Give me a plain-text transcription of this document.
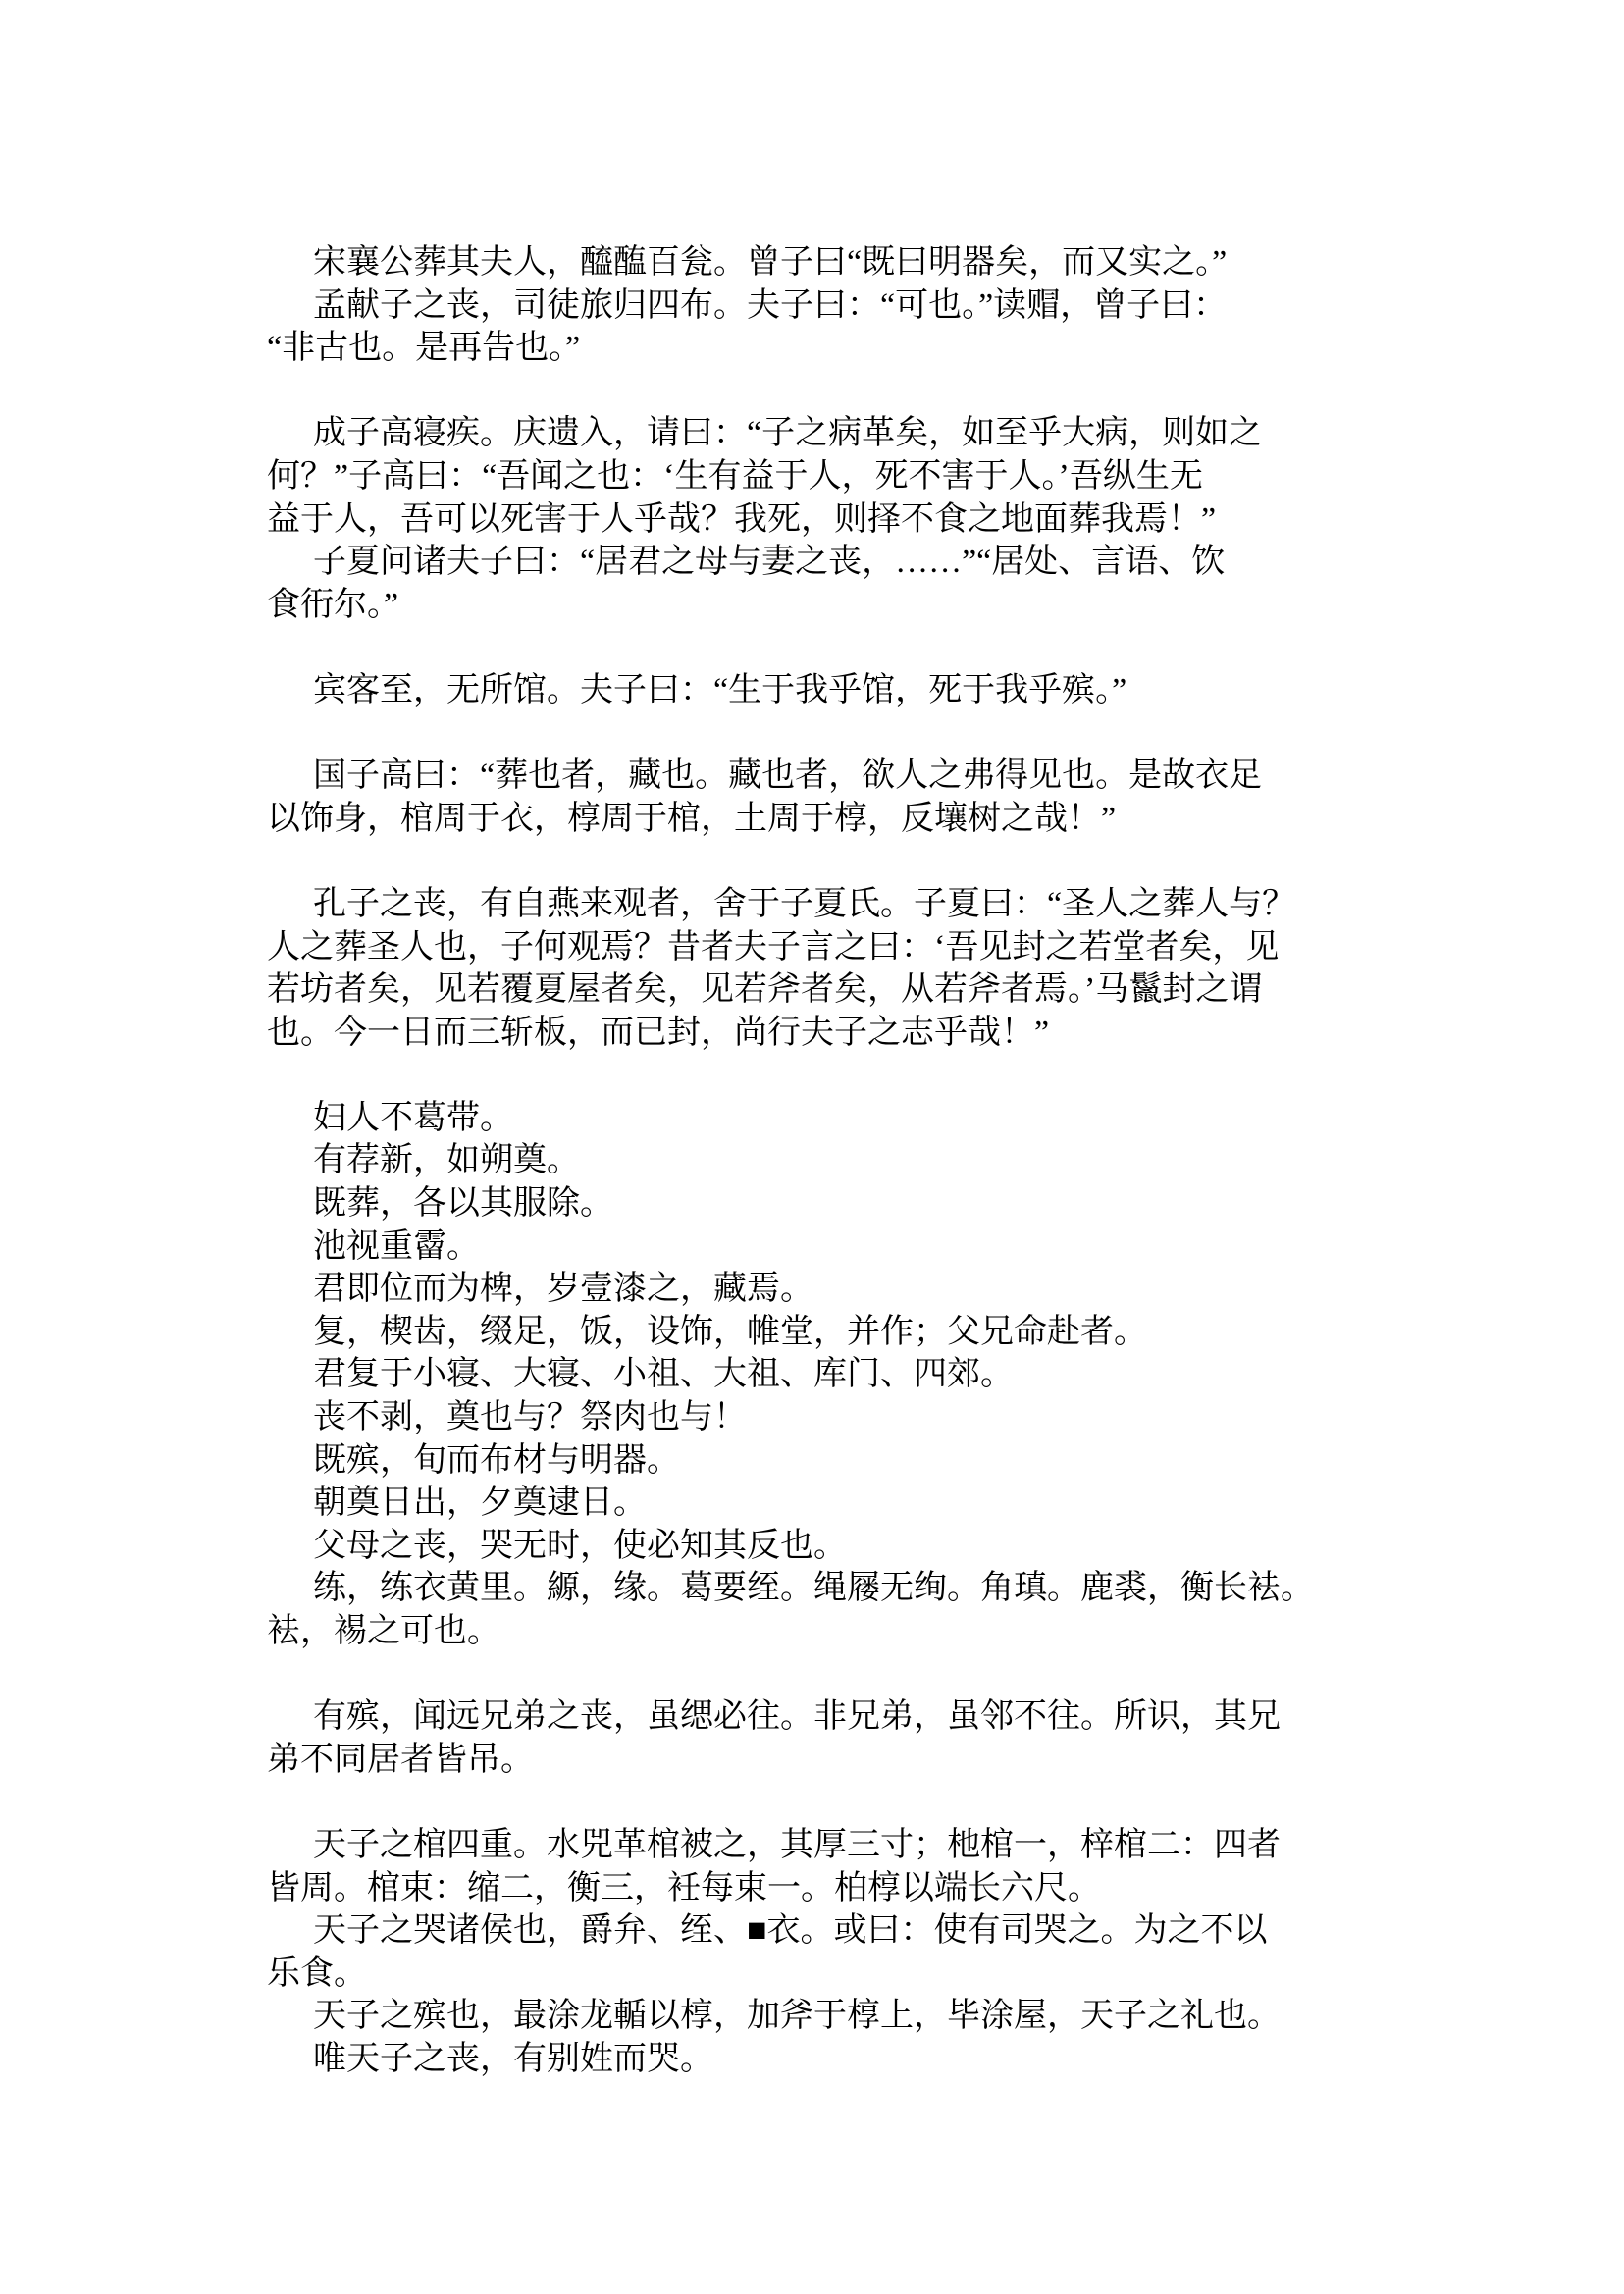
宋襄公葬其夫人，醯醢百瓮。曾子曰“既曰明器矣，而又实之。”
孟献子之丧，司徒旅归四布。夫子曰：“可也。”读赗，曾子曰：
“非古也。是再告也。”

成子高寝疾。庆遗入，请曰：“子之病革矣，如至乎大病，则如之
何？”子高曰：“吾闻之也：‘生有益于人，死不害于人。’吾纵生无
益于人，吾可以死害于人乎哉？我死，则择不食之地面葬我焉！”
子夏问诸夫子曰：“居君之母与妻之丧，……”“居处、言语、饮
食衎尔。”

宾客至，无所馆。夫子曰：“生于我乎馆，死于我乎殡。”

国子高曰：“葬也者，藏也。藏也者，欲人之弗得见也。是故衣足
以饰身，棺周于衣，椁周于棺，土周于椁，反壤树之哉！”

孔子之丧，有自燕来观者，舍于子夏氏。子夏曰：“圣人之葬人与？
人之葬圣人也，子何观焉？昔者夫子言之曰：‘吾见封之若堂者矣，见
若坊者矣，见若覆夏屋者矣，见若斧者矣，从若斧者焉。’马鬣封之谓
也。今一日而三斩板，而已封，尚行夫子之志乎哉！”

妇人不葛带。
有荐新，如朔奠。
既葬，各以其服除。
池视重霤。
君即位而为椑，岁壹漆之，藏焉。
复，楔齿，缀足，饭，设饰，帷堂，并作；父兄命赴者。
君复于小寝、大寝、小祖、大祖、库门、四郊。
丧不剥，奠也与？祭肉也与！
既殡，旬而布材与明器。
朝奠日出，夕奠逮日。
父母之丧，哭无时，使必知其反也。
练，练衣黄里。縓，缘。葛要绖。绳屦无绚。角瑱。鹿裘，衡长袪。
袪，裼之可也。

有殡，闻远兄弟之丧，虽缌必往。非兄弟，虽邻不往。所识，其兄
弟不同居者皆吊。

天子之棺四重。水兕革棺被之，其厚三寸；杝棺一，梓棺二：四者
皆周。棺束：缩二，衡三，衽每束一。柏椁以端长六尺。
天子之哭诸侯也，爵弁、绖、■衣。或曰：使有司哭之。为之不以
乐食。
天子之殡也，最涂龙輴以椁，加斧于椁上，毕涂屋，天子之礼也。
唯天子之丧，有别姓而哭。
